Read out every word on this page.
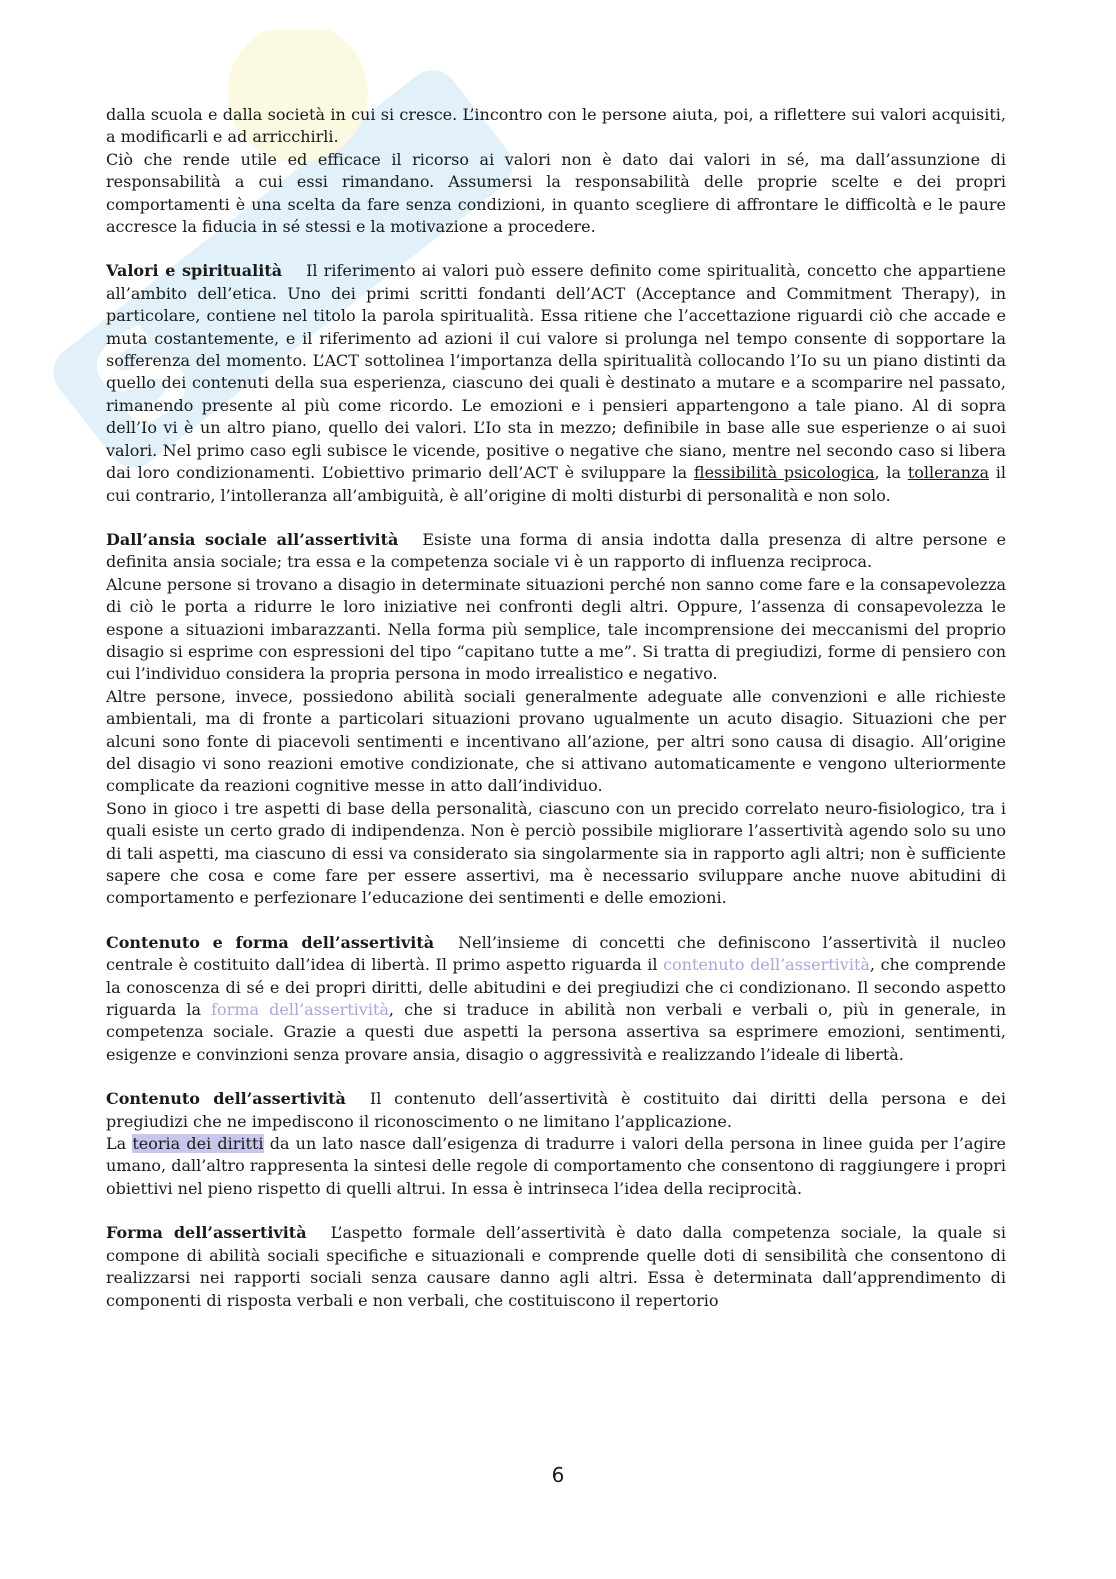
S

dalla scuola e dalla società in cui si cresce. L’incontro con le persone aiuta, poi, a riflettere sui valori acquisiti, a modificarli e ad arricchirli.

Ciò che rende utile ed efficace il ricorso ai valori non è dato dai valori in sé, ma dall’assunzione di responsabilità a cui essi rimandano. Assumersi la responsabilità delle proprie scelte e dei propri comportamenti è una scelta da fare senza condizioni, in quanto scegliere di affrontare le difficoltà e le paure accresce la fiducia in sé stessi e la motivazione a procedere.

Valori e spiritualità Il riferimento ai valori può essere definito come spiritualità, concetto che appartiene all’ambito dell’etica. Uno dei primi scritti fondanti dell’ACT (Acceptance and Commitment Therapy), in particolare, contiene nel titolo la parola spiritualità. Essa ritiene che l’accettazione riguardi ciò che accade e muta costantemente, e il riferimento ad azioni il cui valore si prolunga nel tempo consente di sopportare la sofferenza del momento. L’ACT sottolinea l’importanza della spiritualità collocando l’Io su un piano distinti da quello dei contenuti della sua esperienza, ciascuno dei quali è destinato a mutare e a scomparire nel passato, rimanendo presente al più come ricordo. Le emozioni e i pensieri appartengono a tale piano. Al di sopra dell’Io vi è un altro piano, quello dei valori. L’Io sta in mezzo; definibile in base alle sue esperienze o ai suoi valori. Nel primo caso egli subisce le vicende, positive o negative che siano, mentre nel secondo caso si libera dai loro condizionamenti. L’obiettivo primario dell’ACT è sviluppare la flessibilità psicologica, la tolleranza il cui contrario, l’intolleranza all’ambiguità, è all’origine di molti disturbi di personalità e non solo.

Dall’ansia sociale all’assertività Esiste una forma di ansia indotta dalla presenza di altre persone e definita ansia sociale; tra essa e la competenza sociale vi è un rapporto di influenza reciproca.

Alcune persone si trovano a disagio in determinate situazioni perché non sanno come fare e la consapevolezza di ciò le porta a ridurre le loro iniziative nei confronti degli altri. Oppure, l’assenza di consapevolezza le espone a situazioni imbarazzanti. Nella forma più semplice, tale incomprensione dei meccanismi del proprio disagio si esprime con espressioni del tipo “capitano tutte a me”. Si tratta di pregiudizi, forme di pensiero con cui l’individuo considera la propria persona in modo irrealistico e negativo.

Altre persone, invece, possiedono abilità sociali generalmente adeguate alle convenzioni e alle richieste ambientali, ma di fronte a particolari situazioni provano ugualmente un acuto disagio. Situazioni che per alcuni sono fonte di piacevoli sentimenti e incentivano all’azione, per altri sono causa di disagio. All’origine del disagio vi sono reazioni emotive condizionate, che si attivano automaticamente e vengono ulteriormente complicate da reazioni cognitive messe in atto dall’individuo.

Sono in gioco i tre aspetti di base della personalità, ciascuno con un precido correlato neuro-fisiologico, tra i quali esiste un certo grado di indipendenza. Non è perciò possibile migliorare l’assertività agendo solo su uno di tali aspetti, ma ciascuno di essi va considerato sia singolarmente sia in rapporto agli altri; non è sufficiente sapere che cosa e come fare per essere assertivi, ma è necessario sviluppare anche nuove abitudini di comportamento e perfezionare l’educazione dei sentimenti e delle emozioni.

Contenuto e forma dell’assertività Nell’insieme di concetti che definiscono l’assertività il nucleo centrale è costituito dall’idea di libertà. Il primo aspetto riguarda il contenuto dell’assertività, che comprende la conoscenza di sé e dei propri diritti, delle abitudini e dei pregiudizi che ci condizionano. Il secondo aspetto riguarda la forma dell’assertività, che si traduce in abilità non verbali e verbali o, più in generale, in competenza sociale. Grazie a questi due aspetti la persona assertiva sa esprimere emozioni, sentimenti, esigenze e convinzioni senza provare ansia, disagio o aggressività e realizzando l’ideale di libertà.

Contenuto dell’assertività Il contenuto dell’assertività è costituito dai diritti della persona e dei pregiudizi che ne impediscono il riconoscimento o ne limitano l’applicazione.

La teoria dei diritti da un lato nasce dall’esigenza di tradurre i valori della persona in linee guida per l’agire umano, dall’altro rappresenta la sintesi delle regole di comportamento che consentono di raggiungere i propri obiettivi nel pieno rispetto di quelli altrui. In essa è intrinseca l’idea della reciprocità.

Forma dell’assertività L’aspetto formale dell’assertività è dato dalla competenza sociale, la quale si compone di abilità sociali specifiche e situazionali e comprende quelle doti di sensibilità che consentono di realizzarsi nei rapporti sociali senza causare danno agli altri. Essa è determinata dall’apprendimento di componenti di risposta verbali e non verbali, che costituiscono il repertorio

6
